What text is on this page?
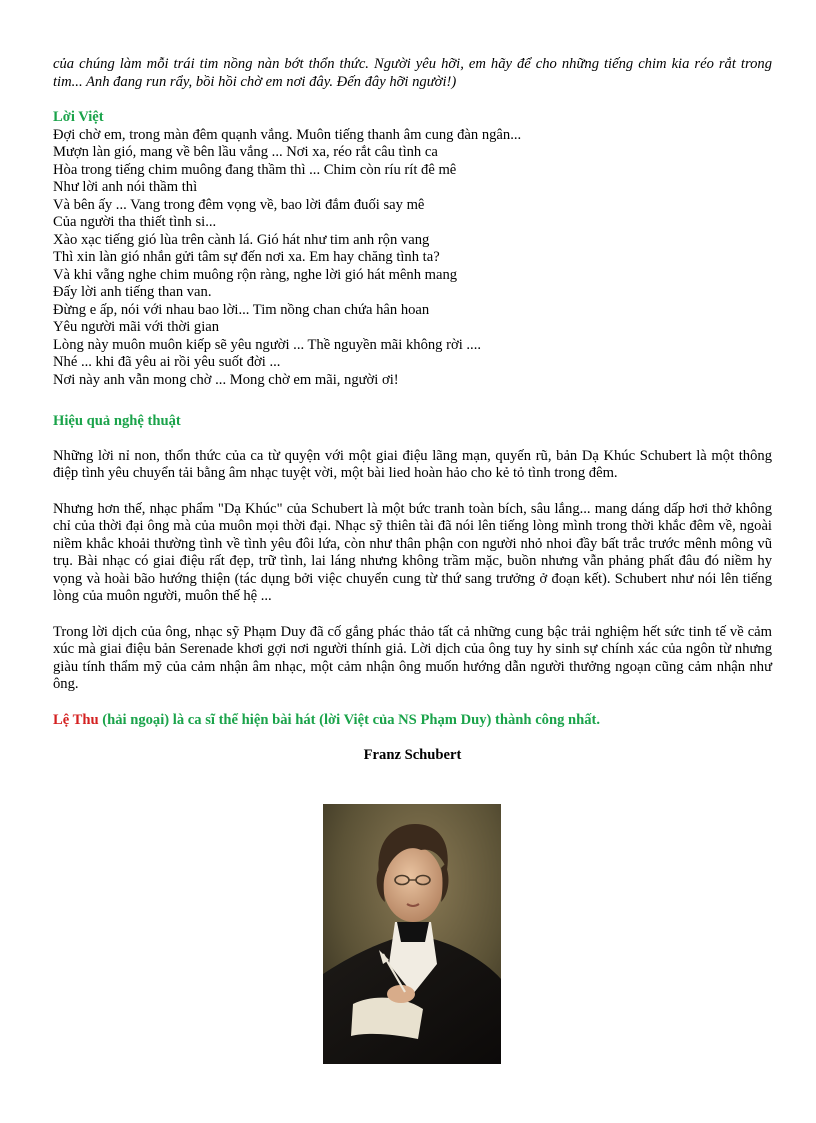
của chúng làm mỗi trái tim nồng nàn bớt thổn thức. Người yêu hỡi, em hãy để cho những tiếng chim kia réo rắt trong tim... Anh đang run rẩy, bồi hồi chờ em nơi đây. Đến đây hỡi người!)

Lời Việt

Đợi chờ em, trong màn đêm quạnh vắng. Muôn tiếng thanh âm cung đàn ngân...
Mượn làn gió, mang về bên lầu vắng ... Nơi xa, réo rắt câu tình ca
Hòa trong tiếng chim muông đang thầm thì ... Chim còn ríu rít đê mê
Như lời anh nói thầm thì
Và bên ấy ... Vang trong đêm vọng về, bao lời đắm đuối say mê
Của người tha thiết tình si...
Xào xạc tiếng gió lùa trên cành lá. Gió hát như tim anh rộn vang
Thì xin làn gió nhắn gửi tâm sự đến nơi xa. Em hay chăng tình ta?
Và khi vẵng nghe chim muông rộn ràng, nghe lời gió hát mênh mang
Đấy lời anh tiếng than van.
Đừng e ấp, nói với nhau bao lời... Tim nồng chan chứa hân hoan
Yêu người mãi với thời gian
Lòng này muôn muôn kiếp sẽ yêu người ... Thề nguyền mãi không rời ....
Nhé ... khi đã yêu ai rồi yêu suốt đời ...
Nơi này anh vẫn mong chờ ... Mong chờ em mãi, người ơi!

Hiệu quả nghệ thuật

Những lời nỉ non, thổn thức của ca từ quyện với một giai điệu lãng mạn, quyến rũ, bản Dạ Khúc Schubert là một thông điệp tình yêu chuyển tải bằng âm nhạc tuyệt vời, một bài lied hoàn hảo cho kẻ tỏ tình trong đêm.

Nhưng hơn thế, nhạc phẩm "Dạ Khúc" của Schubert là một bức tranh toàn bích, sâu lắng... mang dáng dấp hơi thở không chỉ của thời đại ông mà của muôn mọi thời đại. Nhạc sỹ thiên tài đã nói lên tiếng lòng mình trong thời khắc đêm về, ngoài niềm khắc khoải thường tình về tình yêu đôi lứa, còn như thân phận con người nhỏ nhoi đầy bất trắc trước mênh mông vũ trụ. Bài nhạc có giai điệu rất đẹp, trữ tình, lai láng nhưng không trầm mặc, buồn nhưng vẫn phảng phất đâu đó niềm hy vọng và hoài bão hướng thiện (tác dụng bởi việc chuyển cung từ thứ sang trưởng ở đoạn kết). Schubert như nói lên tiếng lòng của muôn người, muôn thế hệ ...

Trong lời dịch của ông, nhạc sỹ Phạm Duy đã cố gắng phác thảo tất cả những cung bậc trải nghiệm hết sức tinh tế về cảm xúc mà giai điệu bản Serenade khơi gợi nơi người thính giả. Lời dịch của ông tuy hy sinh sự chính xác của ngôn từ nhưng giàu tính thẩm mỹ của cảm nhận âm nhạc, một cảm nhận ông muốn hướng dẫn người thưởng ngoạn cũng cảm nhận như ông.

Lệ Thu (hải ngoại) là ca sĩ thể hiện bài hát (lời Việt của NS Phạm Duy) thành công nhất.

Franz Schubert
